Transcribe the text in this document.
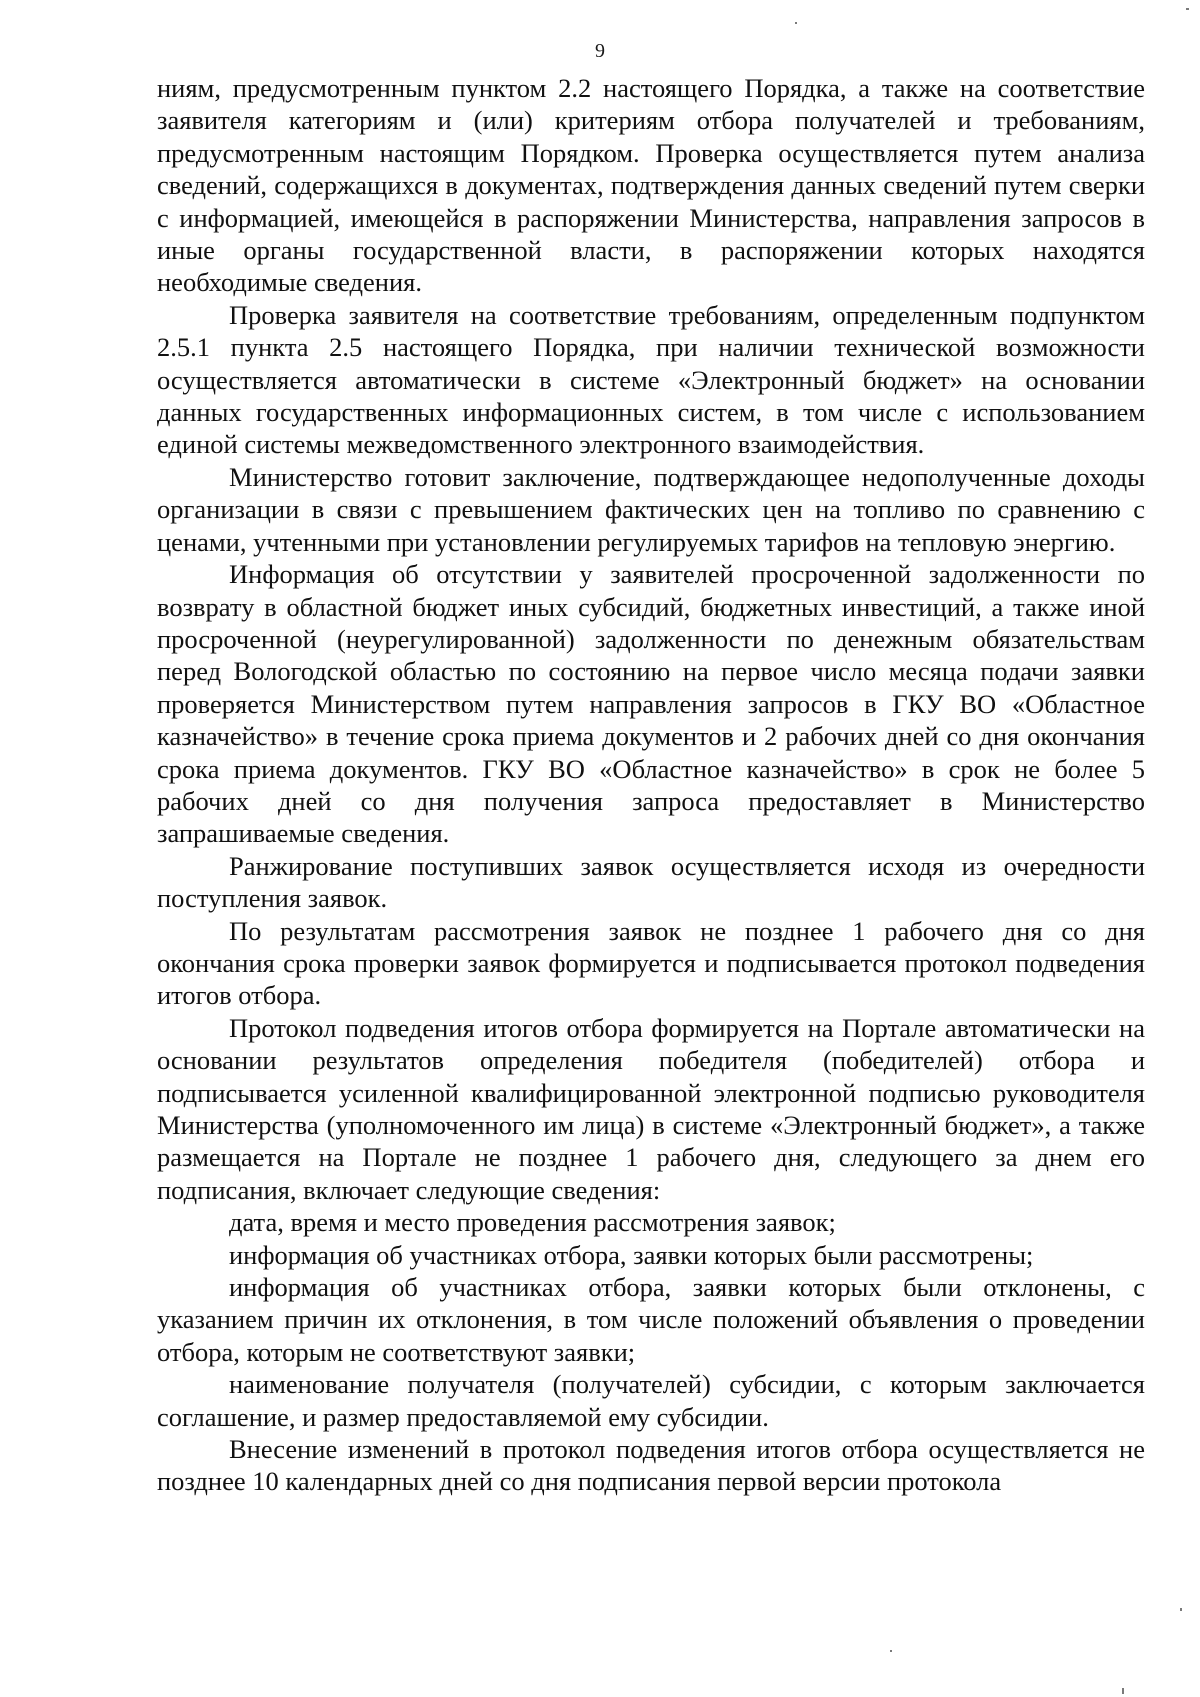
9

ниям, предусмотренным пунктом 2.2 настоящего Порядка, а также на соответствие заявителя категориям и (или) критериям отбора получателей и требованиям, предусмотренным настоящим Порядком. Проверка осуществляется путем анализа сведений, содержащихся в документах, подтверждения данных сведений путем сверки с информацией, имеющейся в распоряжении Министерства, направления запросов в иные органы государственной власти, в распоряжении которых находятся необходимые сведения.

Проверка заявителя на соответствие требованиям, определенным подпунктом 2.5.1 пункта 2.5 настоящего Порядка, при наличии технической возможности осуществляется автоматически в системе «Электронный бюджет» на основании данных государственных информационных систем, в том числе с использованием единой системы межведомственного электронного взаимодействия.

Министерство готовит заключение, подтверждающее недополученные доходы организации в связи с превышением фактических цен на топливо по сравнению с ценами, учтенными при установлении регулируемых тарифов на тепловую энергию.

Информация об отсутствии у заявителей просроченной задолженности по возврату в областной бюджет иных субсидий, бюджетных инвестиций, а также иной просроченной (неурегулированной) задолженности по денежным обязательствам перед Вологодской областью по состоянию на первое число месяца подачи заявки проверяется Министерством путем направления запросов в ГКУ ВО «Областное казначейство» в течение срока приема документов и 2 рабочих дней со дня окончания срока приема документов. ГКУ ВО «Областное казначейство» в срок не более 5 рабочих дней со дня получения запроса предоставляет в Министерство запрашиваемые сведения.

Ранжирование поступивших заявок осуществляется исходя из очередности поступления заявок.

По результатам рассмотрения заявок не позднее 1 рабочего дня со дня окончания срока проверки заявок формируется и подписывается протокол подведения итогов отбора.

Протокол подведения итогов отбора формируется на Портале автоматически на основании результатов определения победителя (победителей) отбора и подписывается усиленной квалифицированной электронной подписью руководителя Министерства (уполномоченного им лица) в системе «Электронный бюджет», а также размещается на Портале не позднее 1 рабочего дня, следующего за днем его подписания, включает следующие сведения:

дата, время и место проведения рассмотрения заявок;

информация об участниках отбора, заявки которых были рассмотрены;

информация об участниках отбора, заявки которых были отклонены, с указанием причин их отклонения, в том числе положений объявления о проведении отбора, которым не соответствуют заявки;

наименование получателя (получателей) субсидии, с которым заключается соглашение, и размер предоставляемой ему субсидии.

Внесение изменений в протокол подведения итогов отбора осуществляется не позднее 10 календарных дней со дня подписания первой версии протокола
